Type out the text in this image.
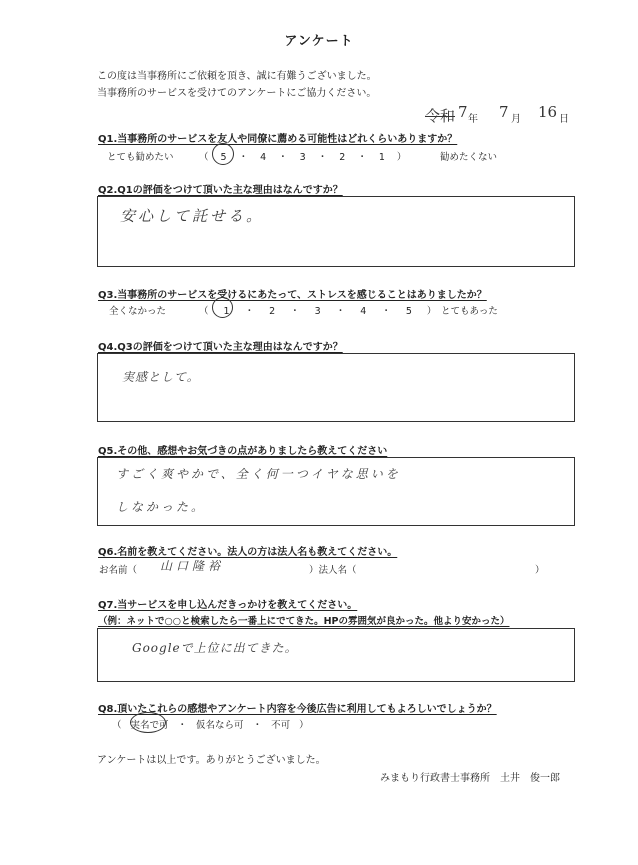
アンケート
この度は当事務所にご依頼を頂き、誠に有難うございました。
当事務所のサービスを受けてのアンケートにご協力ください。
令和 7 年 7 月 16 日
Q1.当事務所のサービスを友人や同僚に薦める可能性はどれくらいありますか？
とても勧めたい	（ 5 ・ 4 ・ 3 ・ 2 ・ 1 ）	勧めたくない
Q2.Q1の評価をつけて頂いた主な理由はなんですか？
安心して託せる。
Q3.当事務所のサービスを受けるにあたって、ストレスを感じることはありましたか？
全くなかった	（ 1 ・ 2 ・ 3 ・ 4 ・ 5 ） とてもあった
Q4.Q3の評価をつけて頂いた主な理由はなんですか？
実感として。
Q5.その他、感想やお気づきの点がありましたら教えてください
すごく爽やかで、全く何一つイヤな思いを
しなかった。
Q6.名前を教えてください。法人の方は法人名も教えてください。
お名前（ 山口隆裕	）法人名（	）
Q7.当サービスを申し込んだきっかけを教えてください。
（例：ネットで○○と検索したら一番上にでてきた。HPの雰囲気が良かった。他より安かった）
Googleで上位に出てきた。
Q8.頂いたこれらの感想やアンケート内容を今後広告に利用してもよろしいでしょうか？
（ 実名で可 ・ 仮名なら可 ・ 不可 ）
アンケートは以上です。ありがとうございました。
みまもり行政書士事務所　土井　俊一郎
